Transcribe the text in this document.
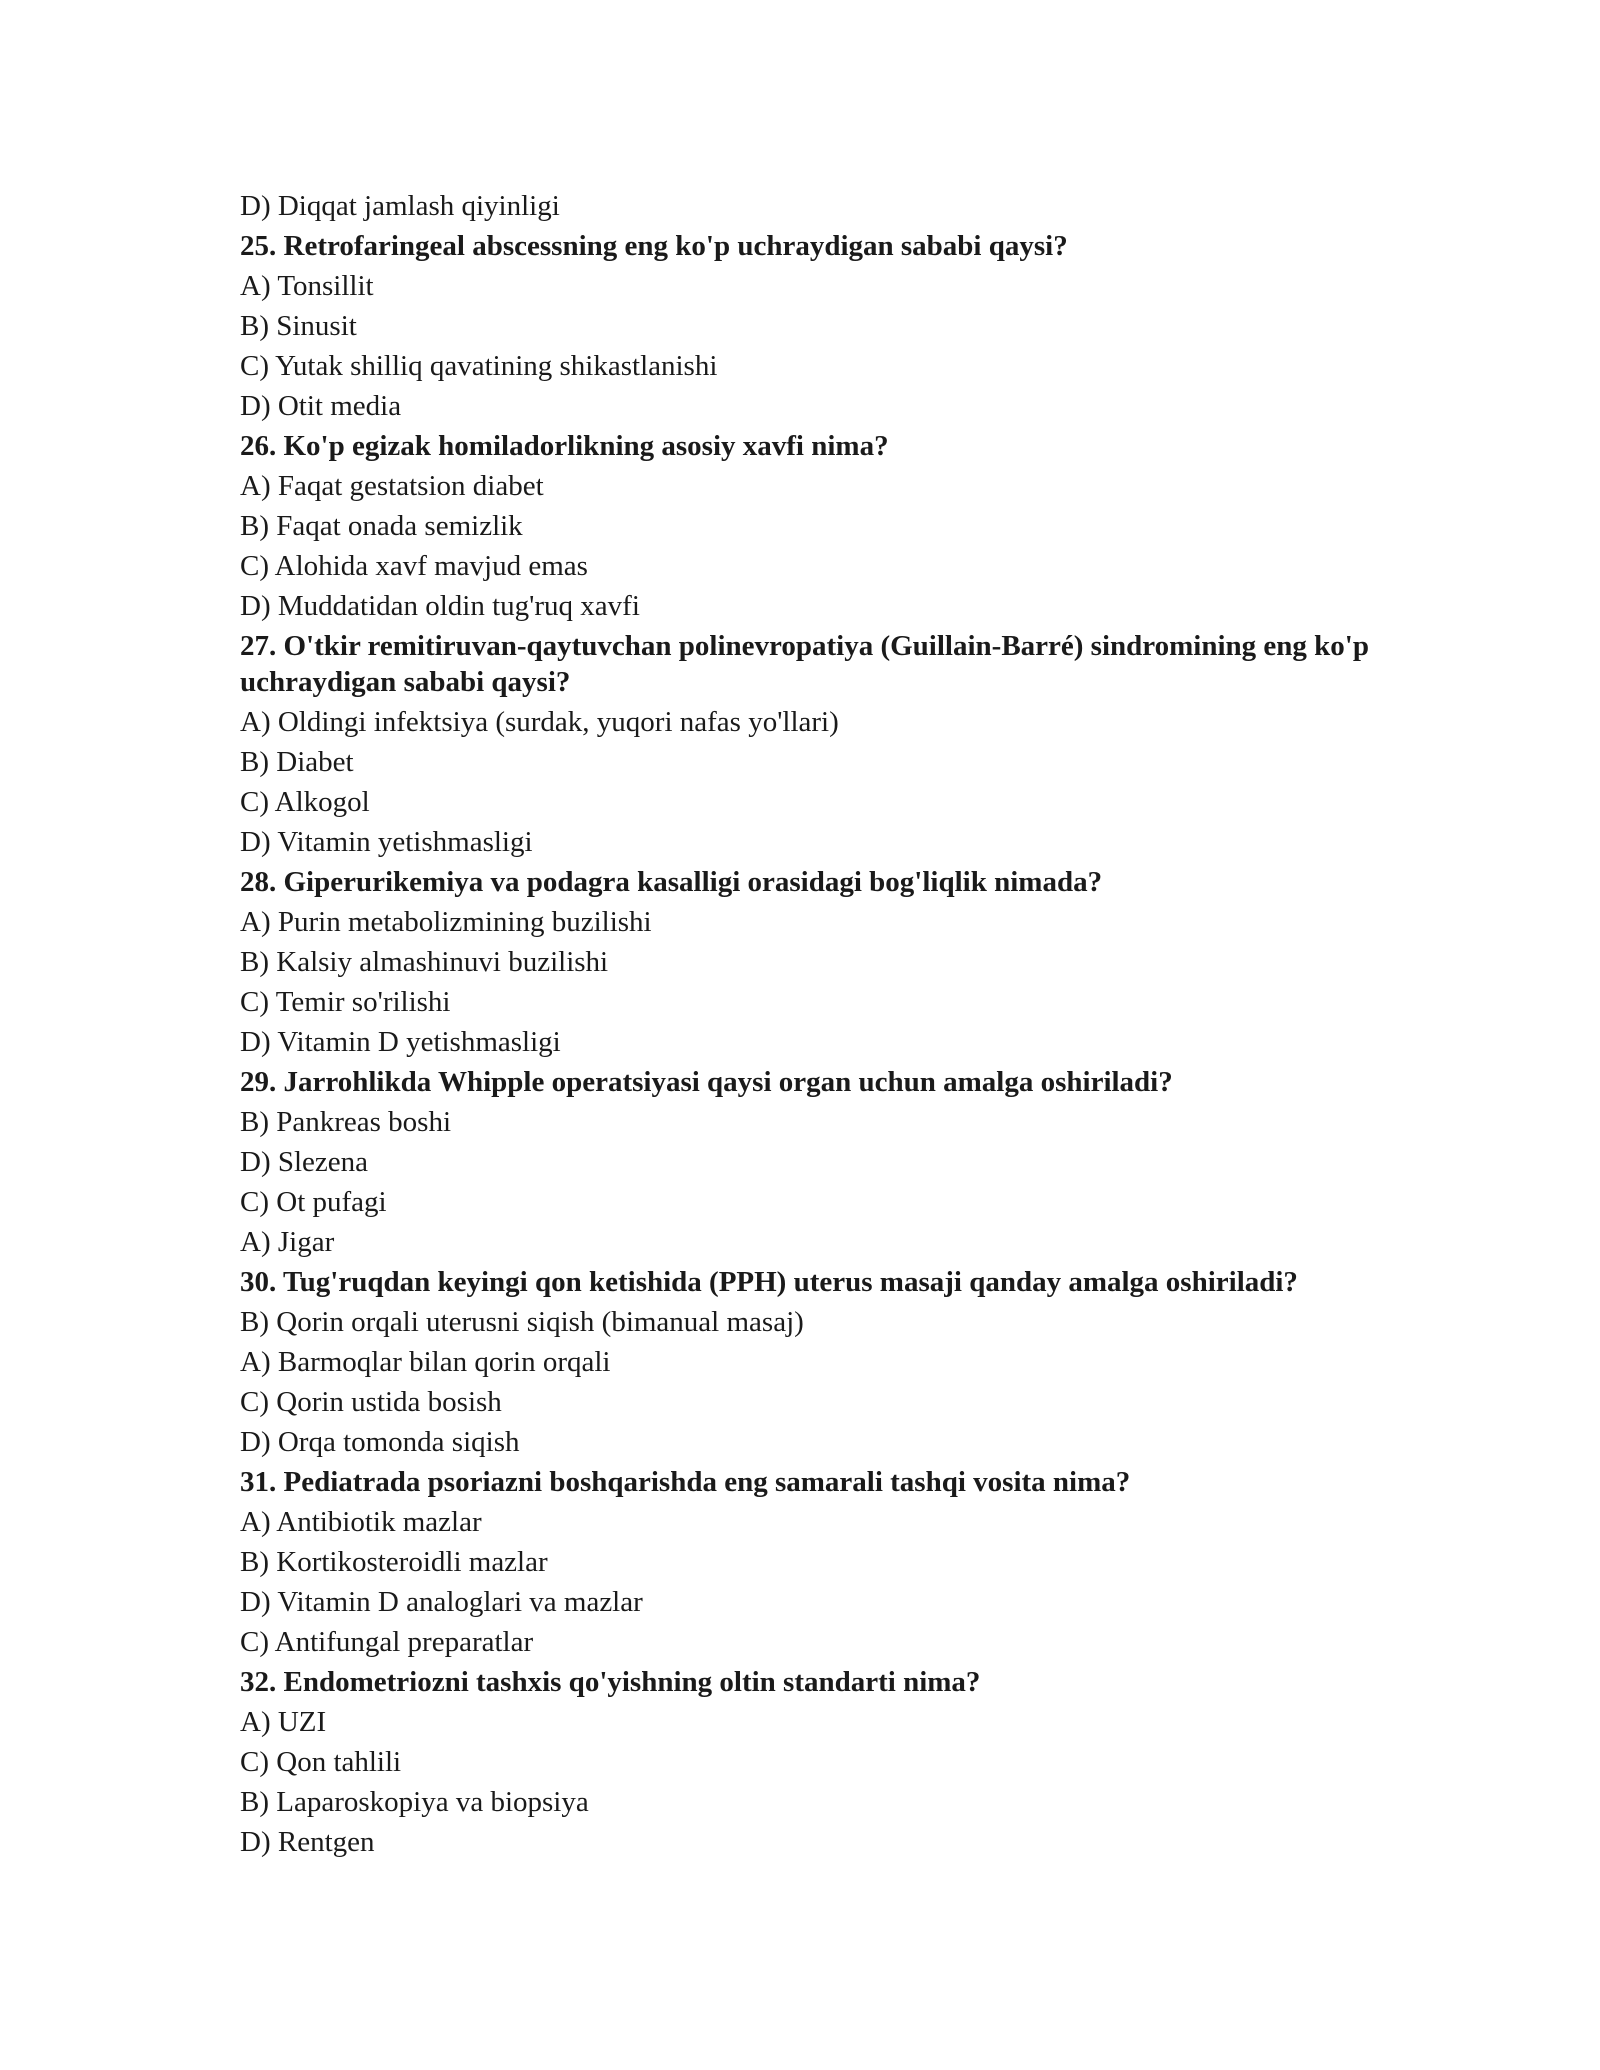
D) Diqqat jamlash qiyinligi

25. Retrofaringeal abscessning eng ko'p uchraydigan sababi qaysi?

A) Tonsillit

B) Sinusit

C) Yutak shilliq qavatining shikastlanishi

D) Otit media

26. Ko'p egizak homiladorlikning asosiy xavfi nima?

A) Faqat gestatsion diabet

B) Faqat onada semizlik

C) Alohida xavf mavjud emas

D) Muddatidan oldin tug'ruq xavfi

27. O'tkir remitiruvan-qaytuvchan polinevropatiya (Guillain-Barré) sindromining eng ko'p uchraydigan sababi qaysi?

A) Oldingi infektsiya (surdak, yuqori nafas yo'llari)

B) Diabet

C) Alkogol

D) Vitamin yetishmasligi

28. Giperurikemiya va podagra kasalligi orasidagi bog'liqlik nimada?

A) Purin metabolizmining buzilishi

B) Kalsiy almashinuvi buzilishi

C) Temir so'rilishi

D) Vitamin D yetishmasligi

29. Jarrohlikda Whipple operatsiyasi qaysi organ uchun amalga oshiriladi?

B) Pankreas boshi

D) Slezena

C) Ot pufagi

A) Jigar

30. Tug'ruqdan keyingi qon ketishida (PPH) uterus masaji qanday amalga oshiriladi?

B) Qorin orqali uterusni siqish (bimanual masaj)

A) Barmoqlar bilan qorin orqali

C) Qorin ustida bosish

D) Orqa tomonda siqish

31. Pediatrada psoriazni boshqarishda eng samarali tashqi vosita nima?

A) Antibiotik mazlar

B) Kortikosteroidli mazlar

D) Vitamin D analoglari va mazlar

C) Antifungal preparatlar

32. Endometriozni tashxis qo'yishning oltin standarti nima?

A) UZI

C) Qon tahlili

B) Laparoskopiya va biopsiya

D) Rentgen
